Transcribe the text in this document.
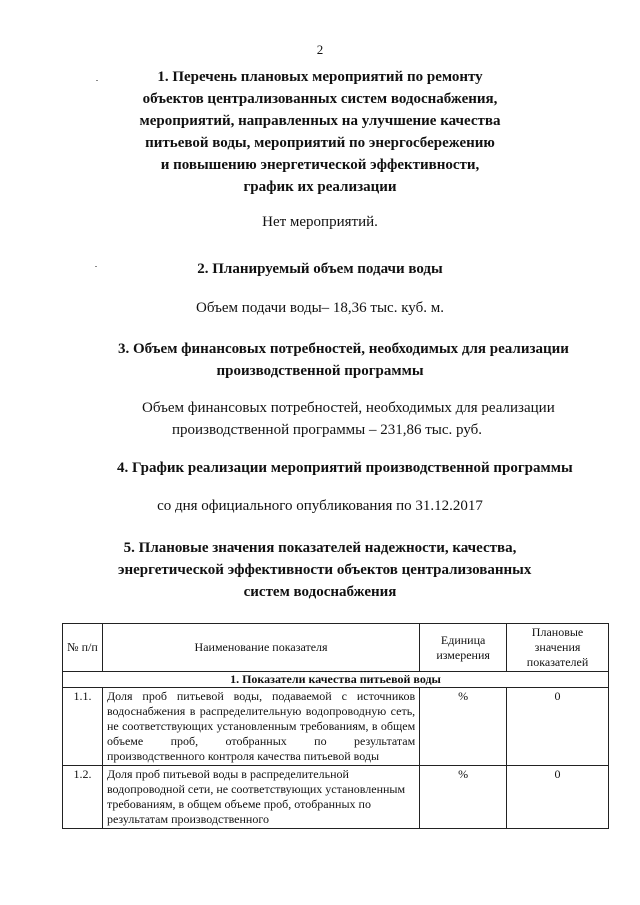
2
1. Перечень плановых мероприятий по ремонту
объектов централизованных систем водоснабжения,
мероприятий, направленных на улучшение качества
питьевой воды, мероприятий по энергосбережению
и повышению энергетической эффективности,
график их реализации
Нет мероприятий.
2. Планируемый объем подачи воды
Объем подачи воды– 18,36 тыс. куб. м.
3. Объем финансовых потребностей, необходимых для реализации
производственной программы
Объем финансовых потребностей, необходимых для реализации
производственной программы – 231,86 тыс. руб.
4. График реализации мероприятий производственной программы
со дня официального опубликования по 31.12.2017
5. Плановые значения показателей надежности, качества,
энергетической эффективности объектов централизованных
систем водоснабжения
№ п/п	Наименование показателя	Единица измерения	Плановые значения показателей
1. Показатели качества питьевой воды			
1.1.	Доля проб питьевой воды, подаваемой с источников водоснабжения в распределительную водопроводную сеть, не соответствующих установленным требованиям, в общем объеме проб, отобранных по результатам производственного контроля качества питьевой воды	%	0
1.2.	Доля проб питьевой воды в распределительной водопроводной сети, не соответствующих установленным требованиям, в общем объеме проб, отобранных по результатам производственного	%	0
